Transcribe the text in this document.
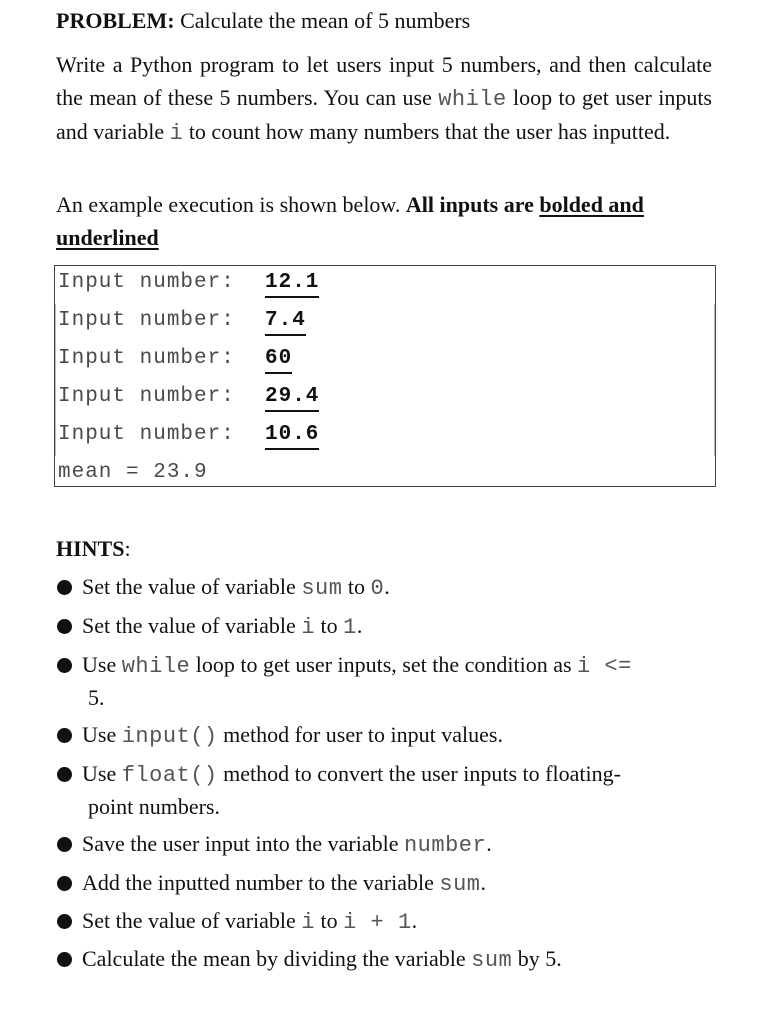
PROBLEM: Calculate the mean of 5 numbers
Write a Python program to let users input 5 numbers, and then calculate the mean of these 5 numbers. You can use while loop to get user inputs and variable i to count how many numbers that the user has inputted.
An example execution is shown below. All inputs are bolded and underlined
Input number: 12.1
Input number: 7.4
Input number: 60
Input number: 29.4
Input number: 10.6
mean = 23.9
HINTS:
Set the value of variable sum to 0.
Set the value of variable i to 1.
Use while loop to get user inputs, set the condition as i <=
5.
Use input() method for user to input values.
Use float() method to convert the user inputs to floating-
point numbers.
Save the user input into the variable number.
Add the inputted number to the variable sum.
Set the value of variable i to i + 1.
Calculate the mean by dividing the variable sum by 5.
